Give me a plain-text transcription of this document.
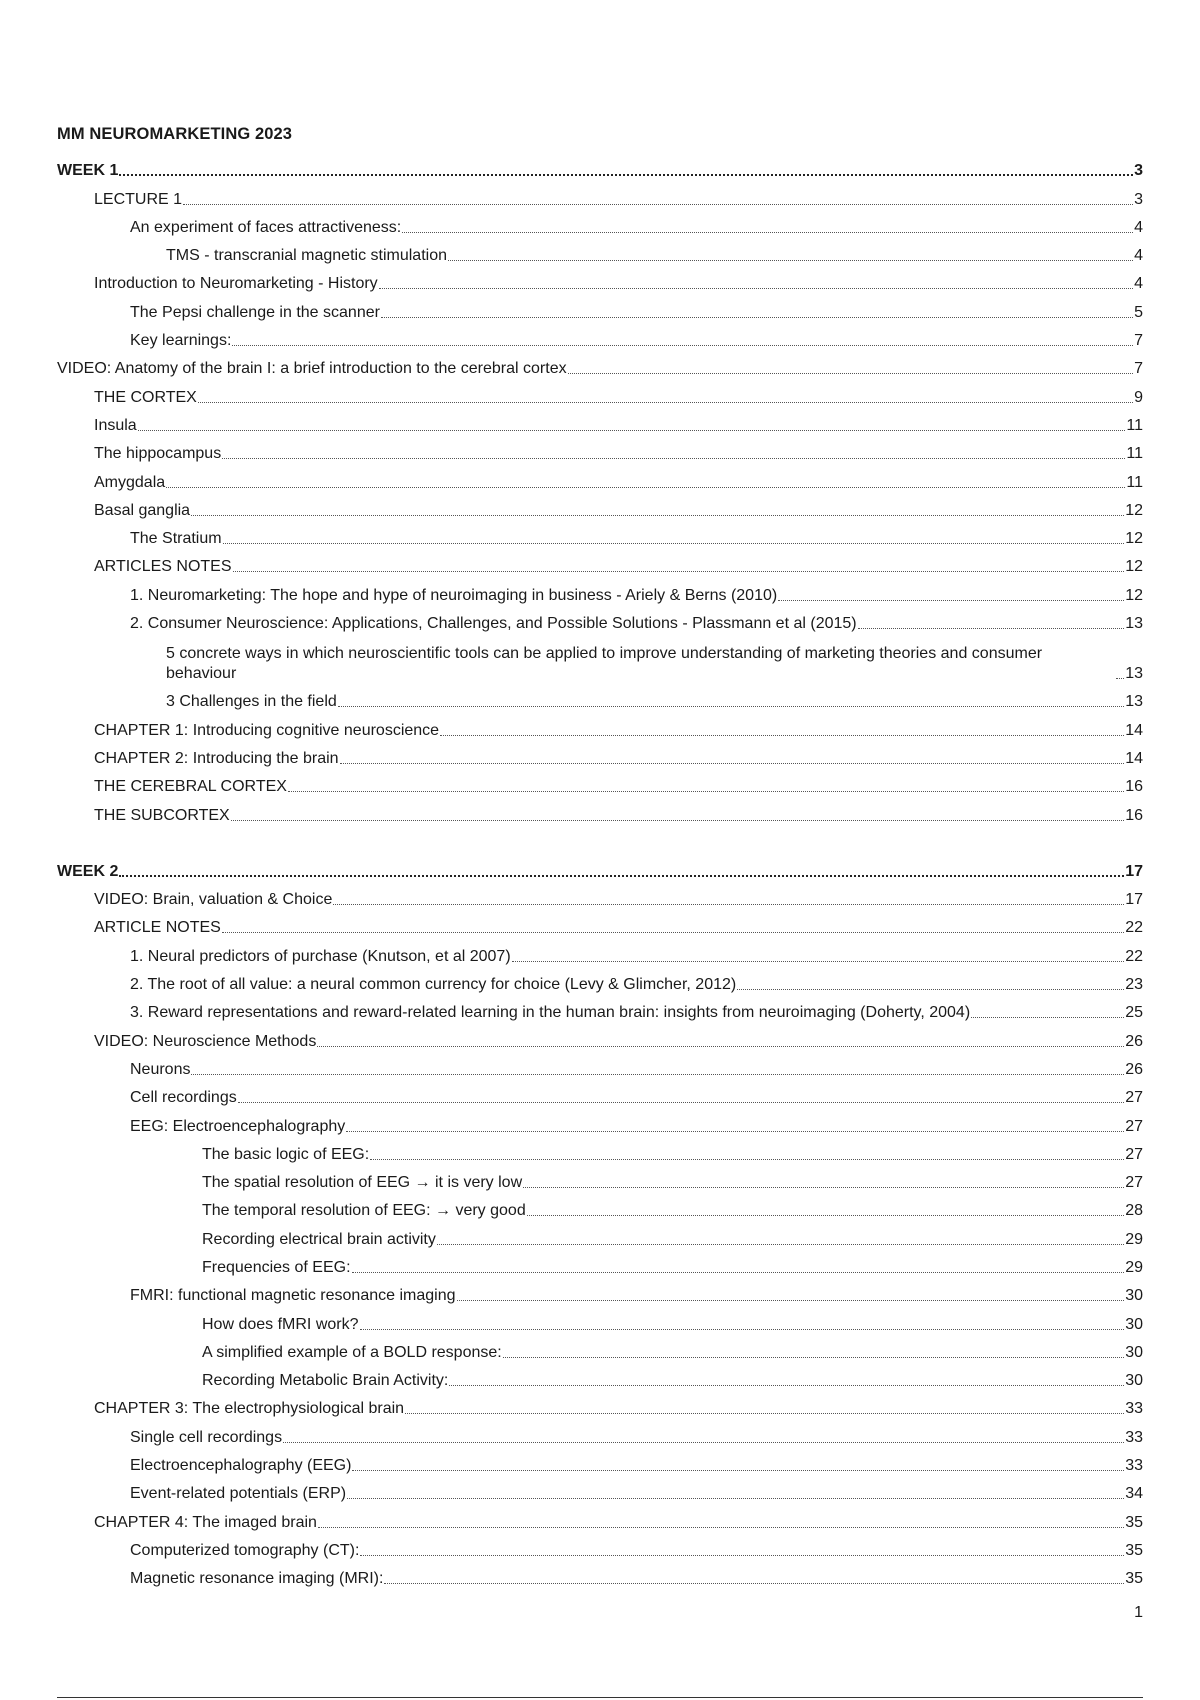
MM NEUROMARKETING 2023
WEEK 1	3
LECTURE 1	3
An experiment of faces attractiveness:	4
TMS - transcranial magnetic stimulation	4
Introduction to Neuromarketing - History	4
The Pepsi challenge in the scanner	5
Key learnings:	7
VIDEO: Anatomy of the brain I: a brief introduction to the cerebral cortex	7
THE CORTEX	9
Insula	11
The hippocampus	11
Amygdala	11
Basal ganglia	12
The Stratium	12
ARTICLES NOTES	12
1. Neuromarketing: The hope and hype of neuroimaging in business - Ariely & Berns (2010)	12
2. Consumer Neuroscience: Applications, Challenges, and Possible Solutions - Plassmann et al (2015)	13
5 concrete ways in which neuroscientific tools can be applied to improve understanding of marketing theories and consumer behaviour	13
3 Challenges in the field	13
CHAPTER 1: Introducing cognitive neuroscience	14
CHAPTER 2: Introducing the brain	14
THE CEREBRAL CORTEX	16
THE SUBCORTEX	16
WEEK 2	17
VIDEO: Brain, valuation & Choice	17
ARTICLE NOTES	22
1. Neural predictors of purchase (Knutson, et al 2007)	22
2. The root of all value: a neural common currency for choice (Levy & Glimcher, 2012)	23
3. Reward representations and reward-related learning in the human brain: insights from neuroimaging (Doherty, 2004)	25
VIDEO: Neuroscience Methods	26
Neurons	26
Cell recordings	27
EEG: Electroencephalography	27
The basic logic of EEG:	27
The spatial resolution of EEG → it is very low	27
The temporal resolution of EEG: → very good	28
Recording electrical brain activity	29
Frequencies of EEG:	29
FMRI: functional magnetic resonance imaging	30
How does fMRI work?	30
A simplified example of a BOLD response:	30
Recording Metabolic Brain Activity:	30
CHAPTER 3: The electrophysiological brain	33
Single cell recordings	33
Electroencephalography (EEG)	33
Event-related potentials (ERP)	34
CHAPTER 4: The imaged brain	35
Computerized tomography (CT):	35
Magnetic resonance imaging (MRI):	35
1
